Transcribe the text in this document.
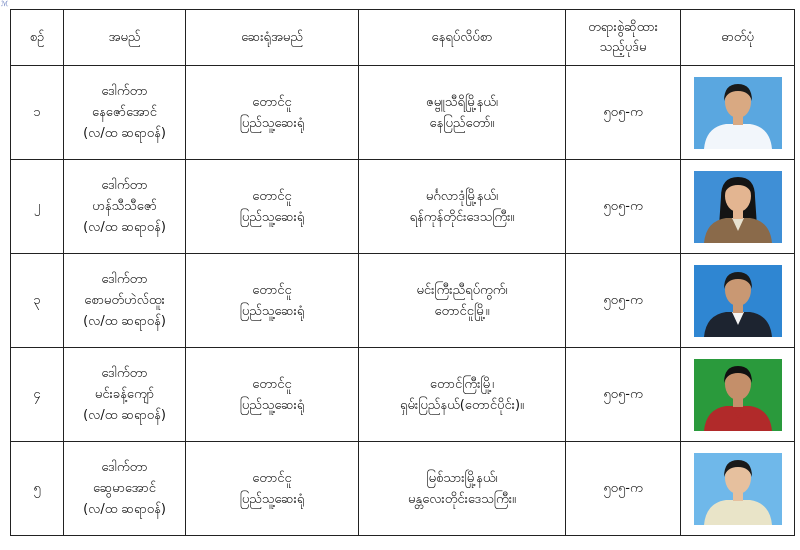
ℳ
စဉ်	အမည်	ဆေးရုံအမည်	နေရပ်လိပ်စာ	တရားစွဲဆိုထား
သည့်ပုဒ်မ	ဓာတ်ပုံ
၁	ဒေါက်တာ
နေဇော်အောင်
(လ/ထ ဆရာဝန်)	တောင်ငူ
ပြည်သူ့ဆေးရုံ	ဇမ္ဗူသီရိမြို့နယ်၊
နေပြည်တော်။	၅၀၅-က	

၂	ဒေါက်တာ
ဟန်သီသီဇော်
(လ/ထ ဆရာဝန်)	တောင်ငူ
ပြည်သူ့ဆေးရုံ	မင်္ဂလာဒုံမြို့နယ်၊
ရန်ကုန်တိုင်းဒေသကြီး။	၅၀၅-က	

၃	ဒေါက်တာ
စောမတ်ဟဲလ်ထူး
(လ/ထ ဆရာဝန်)	တောင်ငူ
ပြည်သူ့ဆေးရုံ	မင်းကြီးညီရပ်ကွက်၊
တောင်ငူမြို့။	၅၀၅-က	

၄	ဒေါက်တာ
မင်းခန့်ကျော်
(လ/ထ ဆရာဝန်)	တောင်ငူ
ပြည်သူ့ဆေးရုံ	တောင်ကြီးမြို့၊
ရှမ်းပြည်နယ်(တောင်ပိုင်း)။	၅၀၅-က	

၅	ဒေါက်တာ
ဆွေမာအောင်
(လ/ထ ဆရာဝန်)	တောင်ငူ
ပြည်သူ့ဆေးရုံ	မြစ်သားမြို့နယ်၊
မန္တလေးတိုင်းဒေသကြီး။	၅၀၅-က	
